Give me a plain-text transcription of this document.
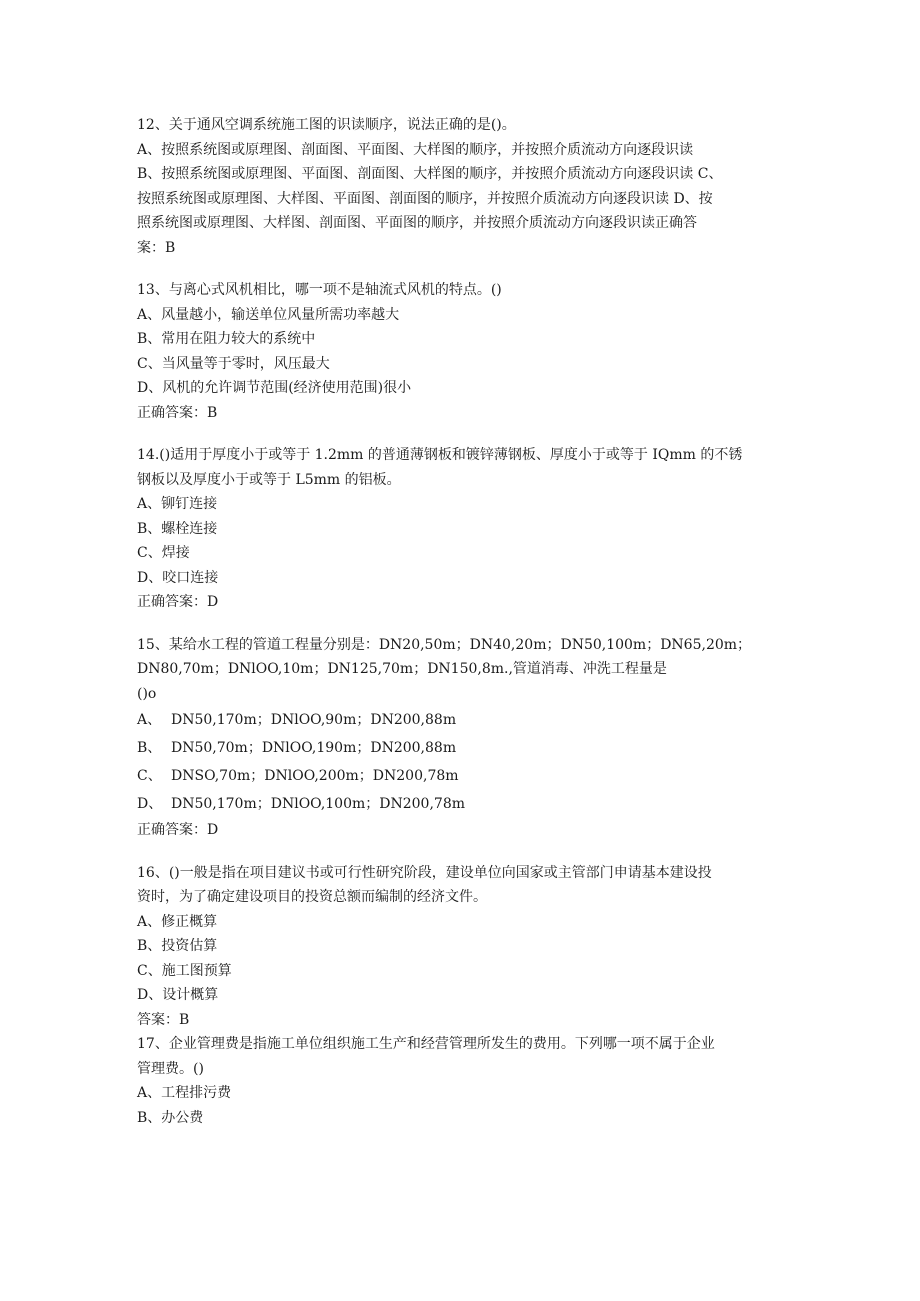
12、关于通风空调系统施工图的识读顺序，说法正确的是()。
A、按照系统图或原理图、剖面图、平面图、大样图的顺序，并按照介质流动方向逐段识读
B、按照系统图或原理图、平面图、剖面图、大样图的顺序，并按照介质流动方向逐段识读 C、
按照系统图或原理图、大样图、平面图、剖面图的顺序，并按照介质流动方向逐段识读 D、按
照系统图或原理图、大样图、剖面图、平面图的顺序，并按照介质流动方向逐段识读正确答
案：B
13、与离心式风机相比，哪一项不是轴流式风机的特点。()
A、风量越小，输送单位风量所需功率越大
B、常用在阻力较大的系统中
C、当风量等于零时，风压最大
D、风机的允许调节范围(经济使用范围)很小
正确答案：B
14.()适用于厚度小于或等于 1.2mm 的普通薄钢板和镀锌薄钢板、厚度小于或等于 IQmm 的不锈
钢板以及厚度小于或等于 L5mm 的铝板。
A、铆钉连接
B、螺栓连接
C、焊接
D、咬口连接
正确答案：D
15、某给水工程的管道工程量分别是：DN20,50m；DN40,20m；DN50,100m；DN65,20m；
DN80,70m；DNlOO,10m；DN125,70m；DN150,8m.,管道消毒、冲洗工程量是
()o
A、 DN50,170m；DNlOO,90m；DN200,88m
B、 DN50,70m；DNlOO,190m；DN200,88m
C、 DNSO,70m；DNlOO,200m；DN200,78m
D、 DN50,170m；DNlOO,100m；DN200,78m
正确答案：D
16、()一般是指在项目建议书或可行性研究阶段，建设单位向国家或主管部门申请基本建设投
资时，为了确定建设项目的投资总额而编制的经济文件。
A、修正概算
B、投资估算
C、施工图预算
D、设计概算
答案：B
17、企业管理费是指施工单位组织施工生产和经营管理所发生的费用。下列哪一项不属于企业
管理费。()
A、工程排污费
B、办公费
